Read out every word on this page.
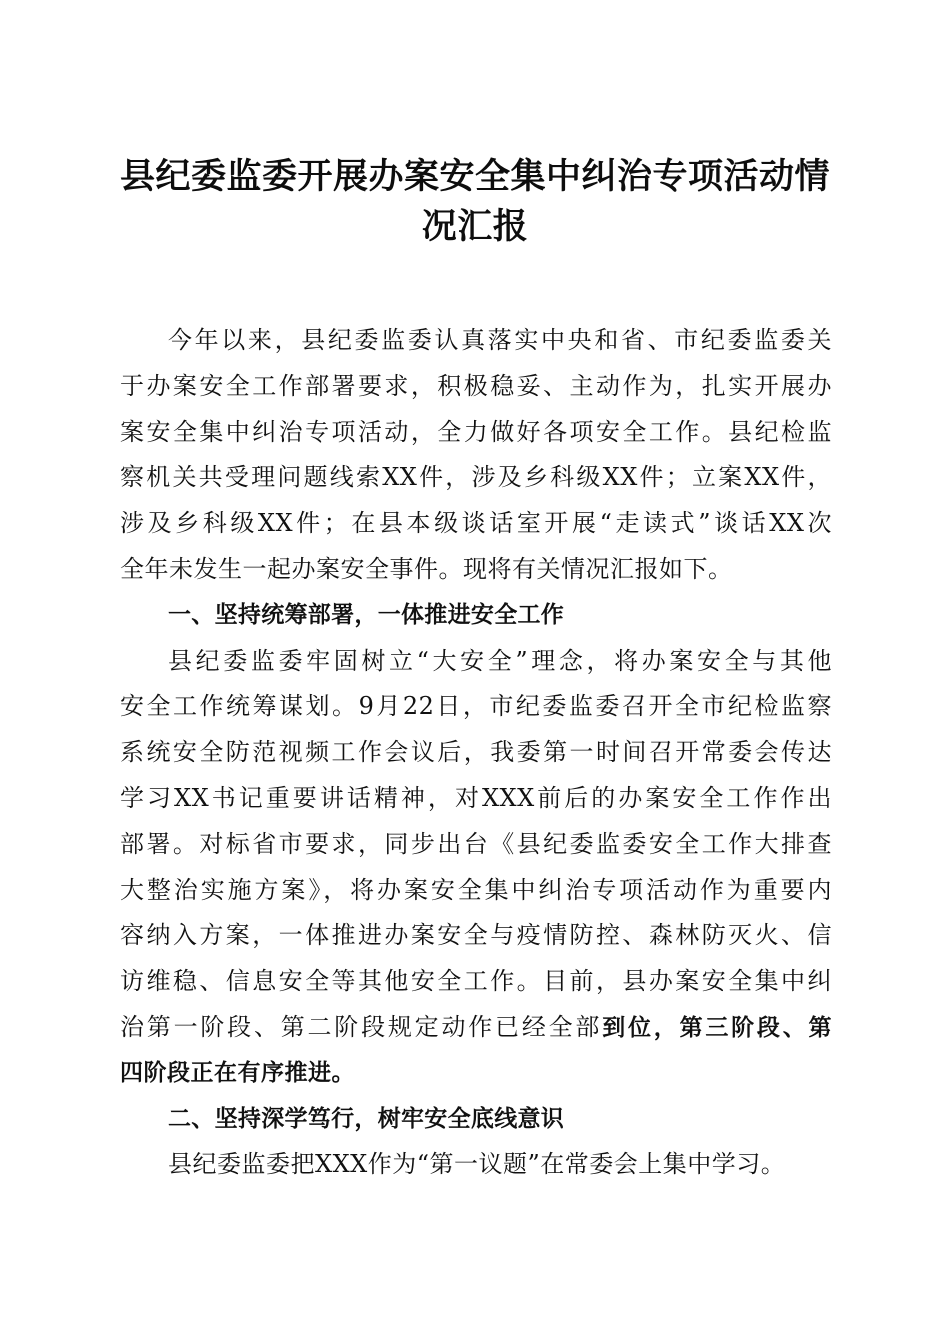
县纪委监委开展办案安全集中纠治专项活动情
况汇报
今年以来，县纪委监委认真落实中央和省、市纪委监委关
于办案安全工作部署要求，积极稳妥、主动作为，扎实开展办
案安全集中纠治专项活动，全力做好各项安全工作。县纪检监
察机关共受理问题线索XX件，涉及乡科级XX件；立案XX件，
涉及乡科级XX件；在县本级谈话室开展“走读式”谈话XX次
全年未发生一起办案安全事件。现将有关情况汇报如下。
一、坚持统筹部署，一体推进安全工作
县纪委监委牢固树立“大安全”理念，将办案安全与其他
安全工作统筹谋划。9月22日，市纪委监委召开全市纪检监察
系统安全防范视频工作会议后，我委第一时间召开常委会传达
学习XX书记重要讲话精神，对XXX前后的办案安全工作作出
部署。对标省市要求，同步出台《县纪委监委安全工作大排查
大整治实施方案》，将办案安全集中纠治专项活动作为重要内
容纳入方案，一体推进办案安全与疫情防控、森林防灭火、信
访维稳、信息安全等其他安全工作。目前，县办案安全集中纠
治第一阶段、第二阶段规定动作已经全部到位，第三阶段、第
四阶段正在有序推进。
二、坚持深学笃行，树牢安全底线意识
县纪委监委把XXX作为“第一议题”在常委会上集中学习。
